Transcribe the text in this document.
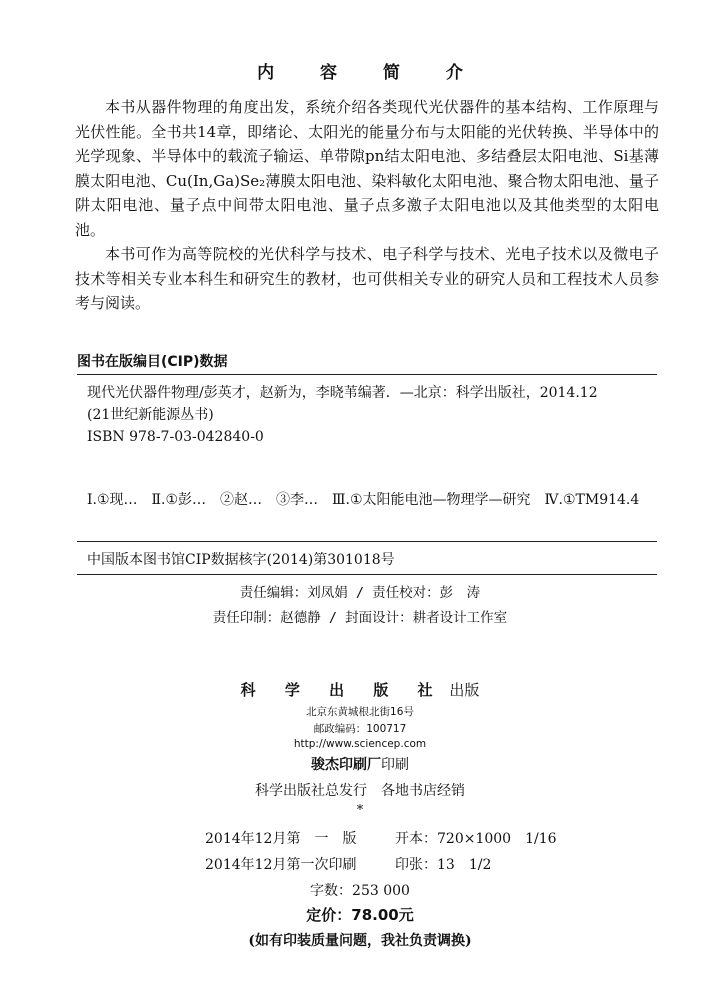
内 容 简 介

本书从器件物理的角度出发，系统介绍各类现代光伏器件的基本结构、工作原理与光伏性能。全书共14章，即绪论、太阳光的能量分布与太阳能的光伏转换、半导体中的光学现象、半导体中的载流子输运、单带隙pn结太阳电池、多结叠层太阳电池、Si基薄膜太阳电池、Cu(In,Ga)Se₂薄膜太阳电池、染料敏化太阳电池、聚合物太阳电池、量子阱太阳电池、量子点中间带太阳电池、量子点多激子太阳电池以及其他类型的太阳电池。

本书可作为高等院校的光伏科学与技术、电子科学与技术、光电子技术以及微电子技术等相关专业本科生和研究生的教材，也可供相关专业的研究人员和工程技术人员参考与阅读。

图书在版编目(CIP)数据
现代光伏器件物理/彭英才，赵新为，李晓苇编著．—北京：科学出版社，2014.12
(21世纪新能源丛书)
ISBN 978-7-03-042840-0
Ⅰ.①现…　Ⅱ.①彭…　②赵…　③李…　Ⅲ.①太阳能电池—物理学—研究　Ⅳ.①TM914.4
中国版本图书馆CIP数据核字(2014)第301018号
责任编辑：刘凤娟 / 责任校对：彭　涛
责任印制：赵德静 / 封面设计：耕者设计工作室
科 学 出 版 社 出版
北京东黄城根北街16号
邮政编码：100717
http://www.sciencep.com
骏杰印刷厂印刷
科学出版社总发行　各地书店经销
*
2014年12月第　一　版	开本：720×1000　1/16
2014年12月第一次印刷	印张：13　1/2
字数：253 000
定价：78.00元
(如有印装质量问题，我社负责调换)
